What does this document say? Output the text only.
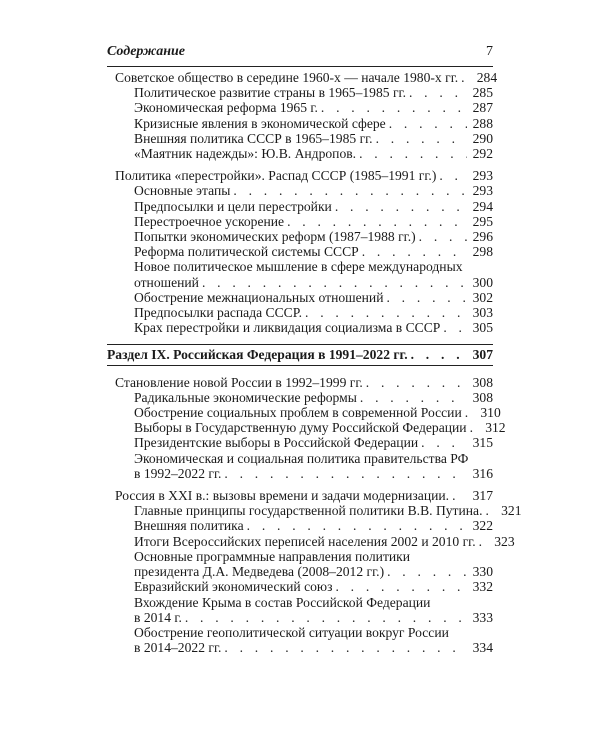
Содержание	7
Советское общество в середине 1960-х — начале 1980-х гг. . . . 284
Политическое развитие страны в 1965–1985 гг. . . .	285
Экономическая реформа 1965 г. . . .	287
Кризисные явления в экономической сфере . . .	288
Внешняя политика СССР в 1965–1985 гг. . . .	290
«Маятник надежды»: Ю.В. Андропов. . . .	292
Политика «перестройки». Распад СССР (1985–1991 гг.) . . .	293
Основные этапы . . .	293
Предпосылки и цели перестройки . . .	294
Перестроечное ускорение . . .	295
Попытки экономических реформ (1987–1988 гг.) . . .	296
Реформа политической системы СССР . . .	298
Новое политическое мышление в сфере международных
отношений . . .	300
Обострение межнациональных отношений . . .	302
Предпосылки распада СССР. . . .	303
Крах перестройки и ликвидация социализма в СССР . . . 305
Раздел IX. Российская Федерация в 1991–2022 гг. . . .	307
Становление новой России в 1992–1999 гг. . . .	308
Радикальные экономические реформы . . .	308
Обострение социальных проблем в современной России . . . 310
Выборы в Государственную думу Российской Федерации . . . 312
Президентские выборы в Российской Федерации . . .	315
Экономическая и социальная политика правительства РФ
в 1992–2022 гг. . . .	316
Россия в XXI в.: вызовы времени и задачи модернизации. . . . 317
Главные принципы государственной политики В.В. Путина. . . . 321
Внешняя политика . . .	322
Итоги Всероссийских переписей населения 2002 и 2010 гг. . . . 323
Основные программные направления политики
президента Д.А. Медведева (2008–2012 гг.) . . .	330
Евразийский экономический союз . . .	332
Вхождение Крыма в состав Российской Федерации
в 2014 г. . . .	333
Обострение геополитической ситуации вокруг России
в 2014–2022 гг. . . .	334
